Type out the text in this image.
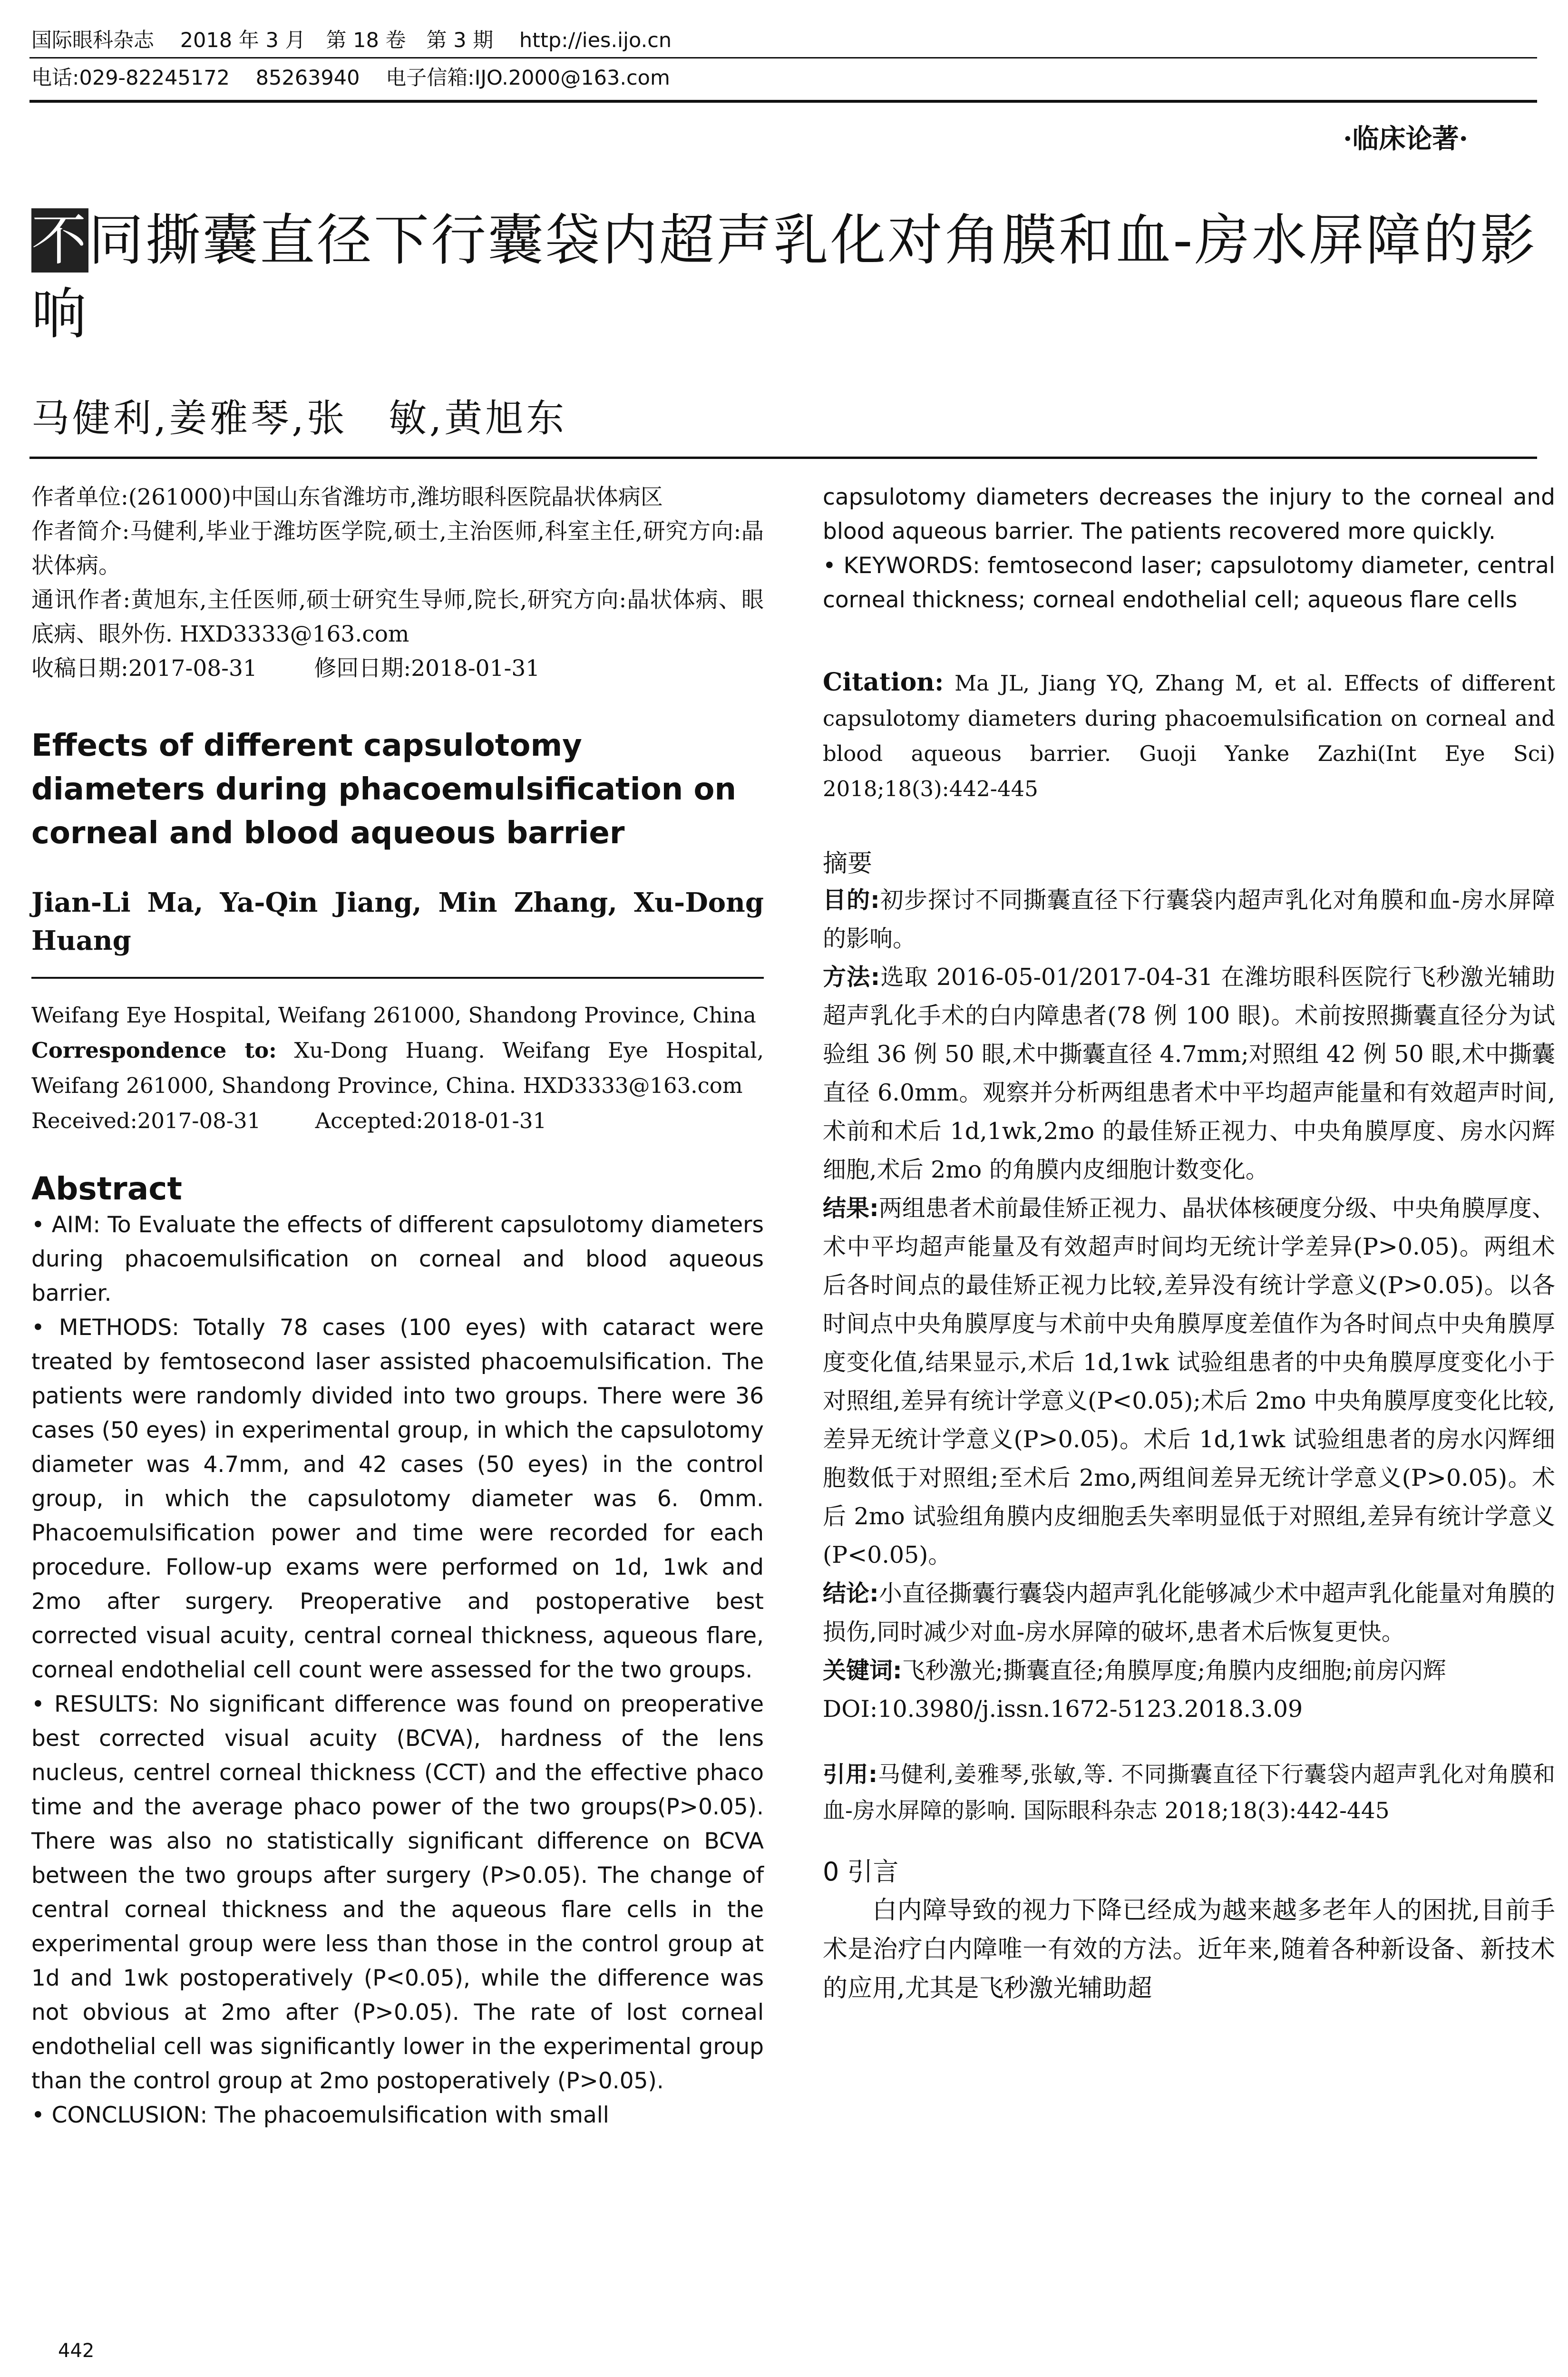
国际眼科杂志 2018 年 3 月　第 18 卷　第 3 期 http://ies.ijo.cn
电话:029-82245172 85263940 电子信箱:IJO.2000@163.com
·临床论著·
不同撕囊直径下行囊袋内超声乳化对角膜和血-房水屏障的影响
马健利,姜雅琴,张　敏,黄旭东

作者单位:(261000)中国山东省潍坊市,潍坊眼科医院晶状体病区

作者简介:马健利,毕业于潍坊医学院,硕士,主治医师,科室主任,研究方向:晶状体病。

通讯作者:黄旭东,主任医师,硕士研究生导师,院长,研究方向:晶状体病、眼底病、眼外伤. HXD3333@163.com

收稿日期:2017-08-31	修回日期:2018-01-31

Effects of different capsulotomy diameters during phacoemulsification on corneal and blood aqueous barrier
Jian-Li Ma, Ya-Qin Jiang, Min Zhang, Xu-Dong Huang

Weifang Eye Hospital, Weifang 261000, Shandong Province, China

Correspondence to: Xu-Dong Huang. Weifang Eye Hospital, Weifang 261000, Shandong Province, China. HXD3333@163.com

Received:2017-08-31	Accepted:2018-01-31

Abstract

• AIM: To Evaluate the effects of different capsulotomy diameters during phacoemulsification on corneal and blood aqueous barrier.

• METHODS: Totally 78 cases (100 eyes) with cataract were treated by femtosecond laser assisted phacoemulsification. The patients were randomly divided into two groups. There were 36 cases (50 eyes) in experimental group, in which the capsulotomy diameter was 4.7mm, and 42 cases (50 eyes) in the control group, in which the capsulotomy diameter was 6. 0mm. Phacoemulsification power and time were recorded for each procedure. Follow-up exams were performed on 1d, 1wk and 2mo after surgery. Preoperative and postoperative best corrected visual acuity, central corneal thickness, aqueous flare, corneal endothelial cell count were assessed for the two groups.

• RESULTS: No significant difference was found on preoperative best corrected visual acuity (BCVA), hardness of the lens nucleus, centrel corneal thickness (CCT) and the effective phaco time and the average phaco power of the two groups(P>0.05). There was also no statistically significant difference on BCVA between the two groups after surgery (P>0.05). The change of central corneal thickness and the aqueous flare cells in the experimental group were less than those in the control group at 1d and 1wk postoperatively (P<0.05), while the difference was not obvious at 2mo after (P>0.05). The rate of lost corneal endothelial cell was significantly lower in the experimental group than the control group at 2mo postoperatively (P>0.05).

• CONCLUSION: The phacoemulsification with small

capsulotomy diameters decreases the injury to the corneal and blood aqueous barrier. The patients recovered more quickly.

• KEYWORDS: femtosecond laser; capsulotomy diameter, central corneal thickness; corneal endothelial cell; aqueous flare cells

Citation: Ma JL, Jiang YQ, Zhang M, et al. Effects of different capsulotomy diameters during phacoemulsification on corneal and blood aqueous barrier. Guoji Yanke Zazhi(Int Eye Sci) 2018;18(3):442-445
摘要

目的:初步探讨不同撕囊直径下行囊袋内超声乳化对角膜和血-房水屏障的影响。

方法:选取 2016-05-01/2017-04-31 在潍坊眼科医院行飞秒激光辅助超声乳化手术的白内障患者(78 例 100 眼)。术前按照撕囊直径分为试验组 36 例 50 眼,术中撕囊直径 4.7mm;对照组 42 例 50 眼,术中撕囊直径 6.0mm。观察并分析两组患者术中平均超声能量和有效超声时间,术前和术后 1d,1wk,2mo 的最佳矫正视力、中央角膜厚度、房水闪辉细胞,术后 2mo 的角膜内皮细胞计数变化。

结果:两组患者术前最佳矫正视力、晶状体核硬度分级、中央角膜厚度、术中平均超声能量及有效超声时间均无统计学差异(P>0.05)。两组术后各时间点的最佳矫正视力比较,差异没有统计学意义(P>0.05)。以各时间点中央角膜厚度与术前中央角膜厚度差值作为各时间点中央角膜厚度变化值,结果显示,术后 1d,1wk 试验组患者的中央角膜厚度变化小于对照组,差异有统计学意义(P<0.05);术后 2mo 中央角膜厚度变化比较,差异无统计学意义(P>0.05)。术后 1d,1wk 试验组患者的房水闪辉细胞数低于对照组;至术后 2mo,两组间差异无统计学意义(P>0.05)。术后 2mo 试验组角膜内皮细胞丢失率明显低于对照组,差异有统计学意义(P<0.05)。

结论:小直径撕囊行囊袋内超声乳化能够减少术中超声乳化能量对角膜的损伤,同时减少对血-房水屏障的破坏,患者术后恢复更快。

关键词:飞秒激光;撕囊直径;角膜厚度;角膜内皮细胞;前房闪辉

DOI:10.3980/j.issn.1672-5123.2018.3.09

引用:马健利,姜雅琴,张敏,等. 不同撕囊直径下行囊袋内超声乳化对角膜和血-房水屏障的影响. 国际眼科杂志 2018;18(3):442-445
0 引言
白内障导致的视力下降已经成为越来越多老年人的困扰,目前手术是治疗白内障唯一有效的方法。近年来,随着各种新设备、新技术的应用,尤其是飞秒激光辅助超
442
